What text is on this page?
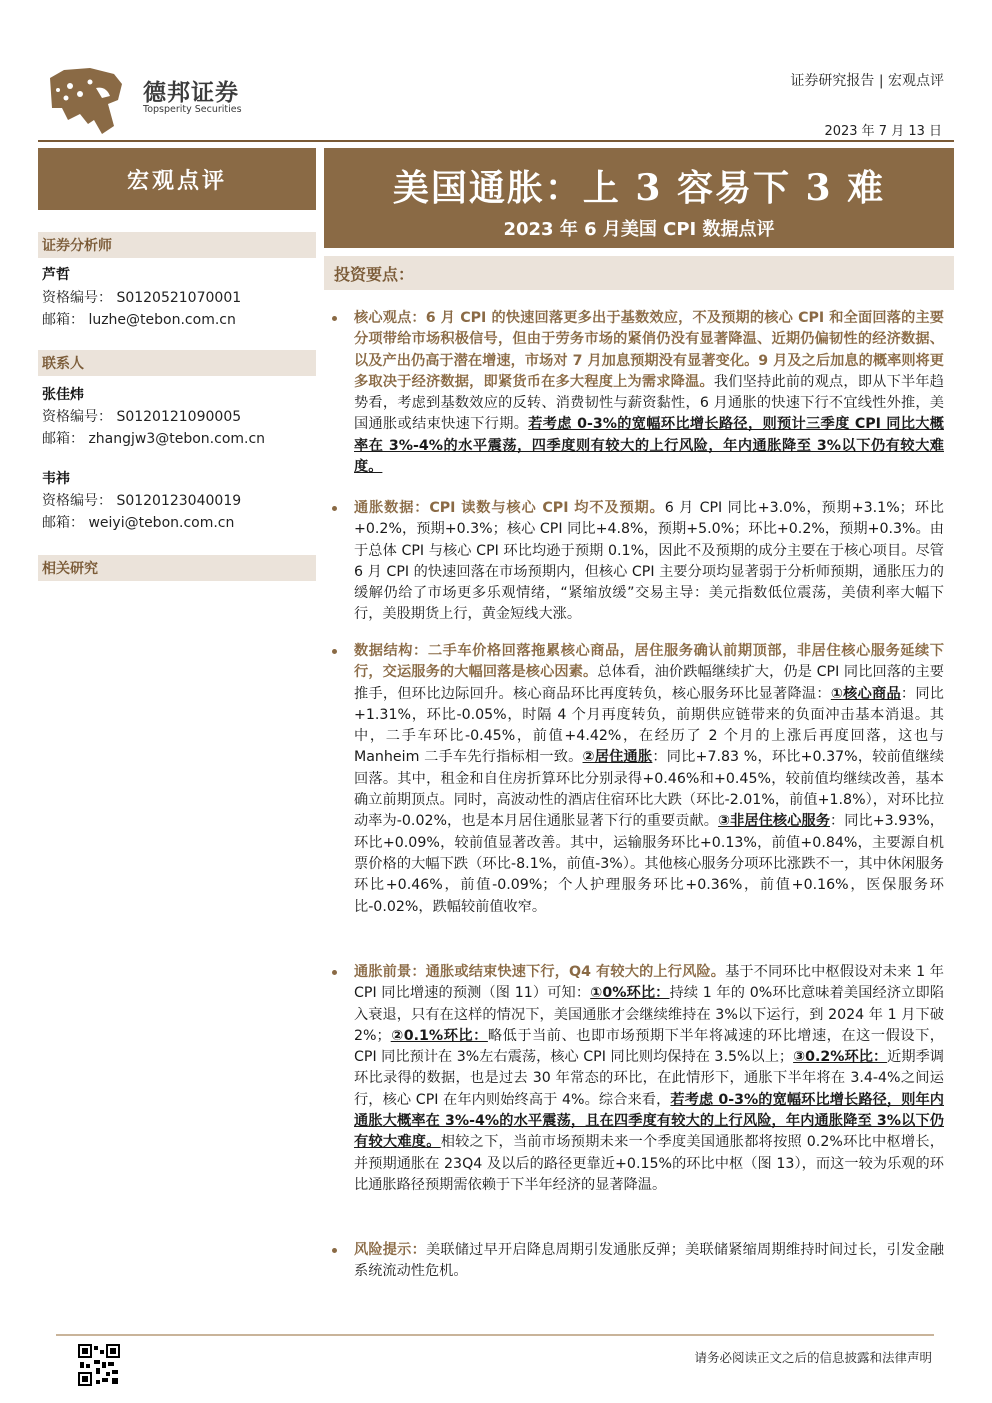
德邦证券
Topsperity Securities
证券研究报告 | 宏观点评
2023 年 7 月 13 日
宏观点评
证券分析师
芦哲
资格编号： S0120521070001
邮箱： luzhe@tebon.com.cn
联系人
张佳炜
资格编号： S0120121090005
邮箱： zhangjw3@tebon.com.cn
韦祎
资格编号： S0120123040019
邮箱： weiyi@tebon.com.cn
相关研究
美国通胀：上 3 容易下 3 难
2023 年 6 月美国 CPI 数据点评
投资要点：
核心观点：6 月 CPI 的快速回落更多出于基数效应，不及预期的核心 CPI 和全面回落的主要分项带给市场积极信号，但由于劳务市场的紧俏仍没有显著降温、近期仍偏韧性的经济数据、以及产出仍高于潜在增速，市场对 7 月加息预期没有显著变化。9 月及之后加息的概率则将更多取决于经济数据，即紧货币在多大程度上为需求降温。我们坚持此前的观点，即从下半年趋势看，考虑到基数效应的反转、消费韧性与薪资黏性，6 月通胀的快速下行不宜线性外推，美国通胀或结束快速下行期。若考虑 0-3%的宽幅环比增长路径，则预计三季度 CPI 同比大概率在 3%-4%的水平震荡，四季度则有较大的上行风险，年内通胀降至 3%以下仍有较大难度。
通胀数据：CPI 读数与核心 CPI 均不及预期。6 月 CPI 同比+3.0%，预期+3.1%；环比+0.2%，预期+0.3%；核心 CPI 同比+4.8%，预期+5.0%；环比+0.2%，预期+0.3%。由于总体 CPI 与核心 CPI 环比均逊于预期 0.1%，因此不及预期的成分主要在于核心项目。尽管 6 月 CPI 的快速回落在市场预期内，但核心 CPI 主要分项均显著弱于分析师预期，通胀压力的缓解仍给了市场更多乐观情绪，“紧缩放缓”交易主导：美元指数低位震荡，美债利率大幅下行，美股期货上行，黄金短线大涨。
数据结构：二手车价格回落拖累核心商品，居住服务确认前期顶部，非居住核心服务延续下行，交运服务的大幅回落是核心因素。总体看，油价跌幅继续扩大，仍是 CPI 同比回落的主要推手，但环比边际回升。核心商品环比再度转负，核心服务环比显著降温：①核心商品：同比+1.31%，环比-0.05%，时隔 4 个月再度转负，前期供应链带来的负面冲击基本消退。其中，二手车环比-0.45%，前值+4.42%，在经历了 2 个月的上涨后再度回落，这也与 Manheim 二手车先行指标相一致。②居住通胀：同比+7.83 %，环比+0.37%，较前值继续回落。其中，租金和自住房折算环比分别录得+0.46%和+0.45%，较前值均继续改善，基本确立前期顶点。同时，高波动性的酒店住宿环比大跌（环比-2.01%，前值+1.8%），对环比拉动率为-0.02%，也是本月居住通胀显著下行的重要贡献。③非居住核心服务：同比+3.93%，环比+0.09%，较前值显著改善。其中，运输服务环比+0.13%，前值+0.84%，主要源自机票价格的大幅下跌（环比-8.1%，前值-3%）。其他核心服务分项环比涨跌不一，其中休闲服务环比+0.46%，前值-0.09%；个人护理服务环比+0.36%，前值+0.16%，医保服务环比-0.02%，跌幅较前值收窄。
通胀前景：通胀或结束快速下行，Q4 有较大的上行风险。基于不同环比中枢假设对未来 1 年 CPI 同比增速的预测（图 11）可知：①0%环比：持续 1 年的 0%环比意味着美国经济立即陷入衰退，只有在这样的情况下，美国通胀才会继续维持在 3%以下运行，到 2024 年 1 月下破 2%；②0.1%环比：略低于当前、也即市场预期下半年将减速的环比增速，在这一假设下，CPI 同比预计在 3%左右震荡，核心 CPI 同比则均保持在 3.5%以上；③0.2%环比：近期季调环比录得的数据，也是过去 30 年常态的环比，在此情形下，通胀下半年将在 3.4-4%之间运行，核心 CPI 在年内则始终高于 4%。综合来看，若考虑 0-3%的宽幅环比增长路径，则年内通胀大概率在 3%-4%的水平震荡，且在四季度有较大的上行风险，年内通胀降至 3%以下仍有较大难度。相较之下，当前市场预期未来一个季度美国通胀都将按照 0.2%环比中枢增长，并预期通胀在 23Q4 及以后的路径更靠近+0.15%的环比中枢（图 13），而这一较为乐观的环比通胀路径预期需依赖于下半年经济的显著降温。
风险提示：美联储过早开启降息周期引发通胀反弹；美联储紧缩周期维持时间过长，引发金融系统流动性危机。
请务必阅读正文之后的信息披露和法律声明
